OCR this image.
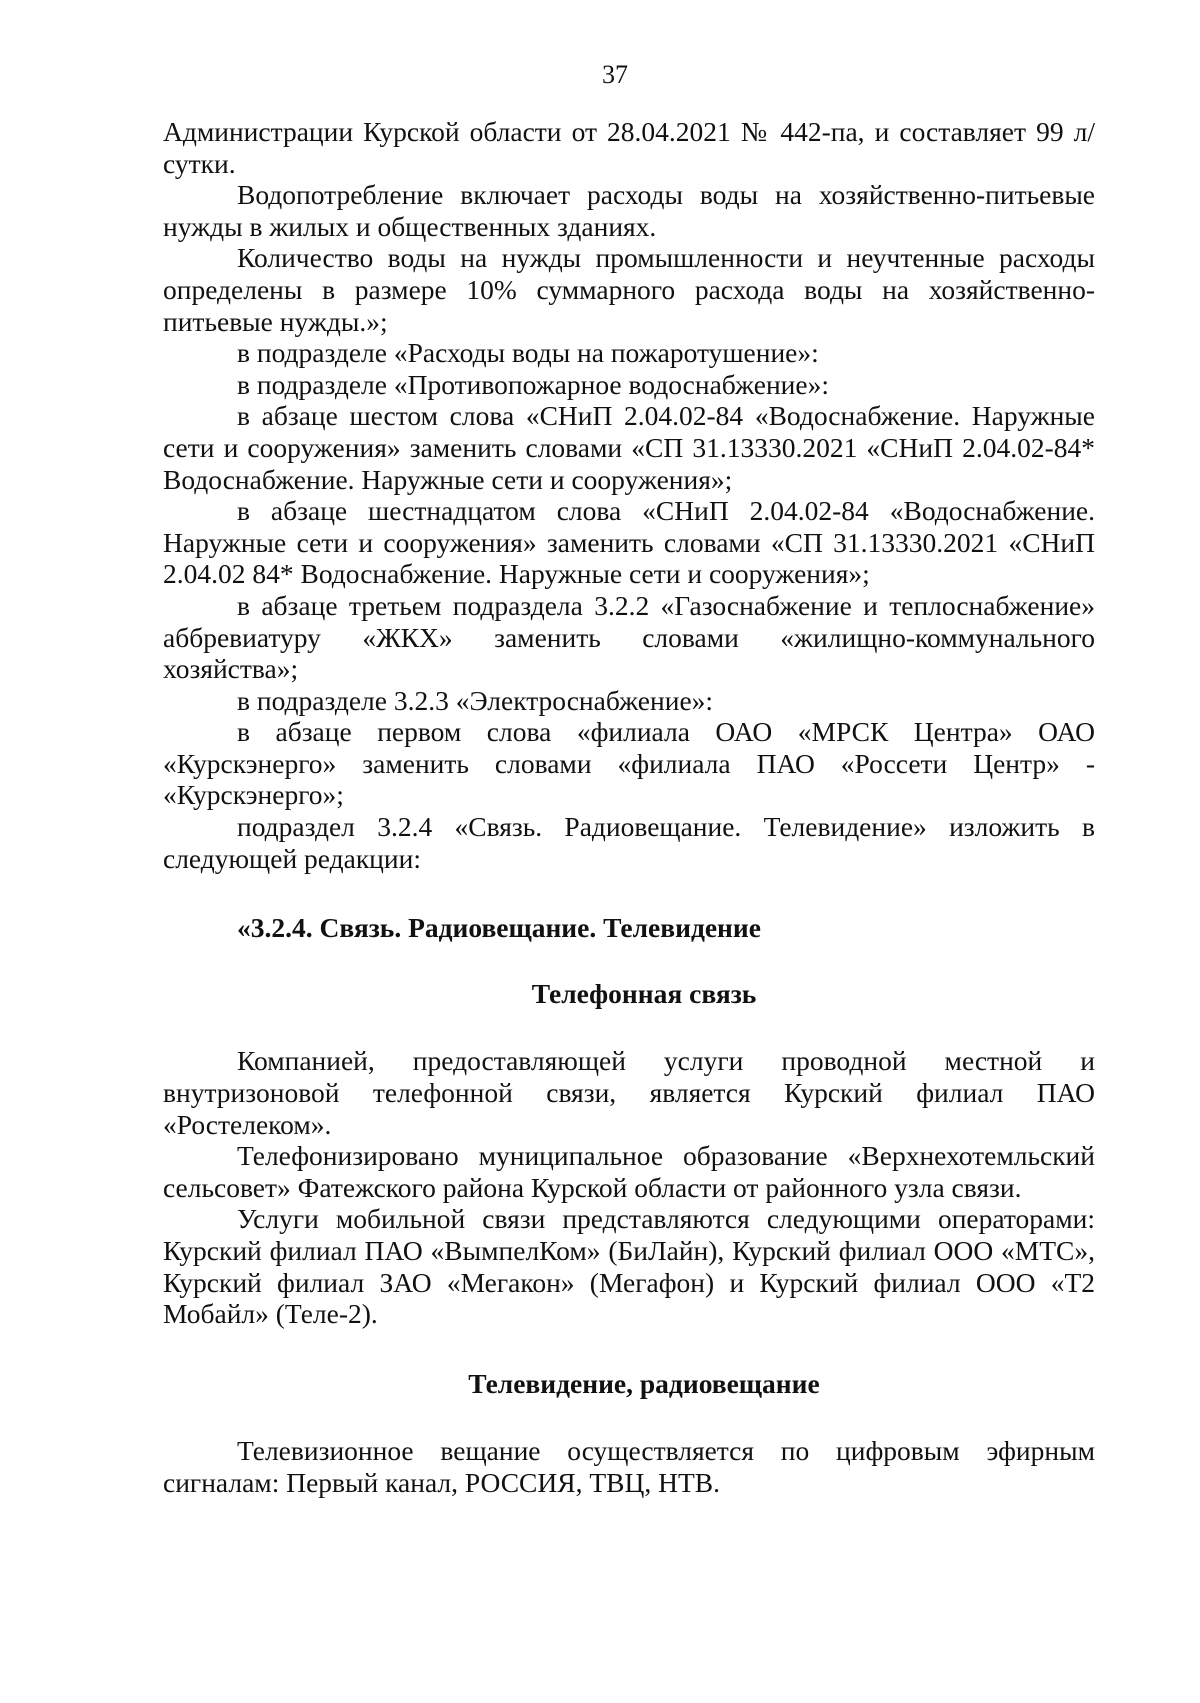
37

Администрации Курской области от 28.04.2021 № 442-па, и составляет 99 л/сутки.

Водопотребление включает расходы воды на хозяйственно-питьевые нужды в жилых и общественных зданиях.

Количество воды на нужды промышленности и неучтенные расходы определены в размере 10% суммарного расхода воды на хозяйственно-питьевые нужды.»;

в подразделе «Расходы воды на пожаротушение»:

в подразделе «Противопожарное водоснабжение»:

в абзаце шестом слова «СНиП 2.04.02-84 «Водоснабжение. Наружные сети и сооружения» заменить словами «СП 31.13330.2021 «СНиП 2.04.02-84* Водоснабжение. Наружные сети и сооружения»;

в абзаце шестнадцатом слова «СНиП 2.04.02-84 «Водоснабжение. Наружные сети и сооружения» заменить словами «СП 31.13330.2021 «СНиП 2.04.02 84* Водоснабжение. Наружные сети и сооружения»;

в абзаце третьем подраздела 3.2.2 «Газоснабжение и теплоснабжение» аббревиатуру «ЖКХ» заменить словами «жилищно-коммунального хозяйства»;

в подразделе 3.2.3 «Электроснабжение»:

в абзаце первом слова «филиала ОАО «МРСК Центра» ОАО «Курскэнерго» заменить словами «филиала ПАО «Россети Центр» - «Курскэнерго»;

подраздел 3.2.4 «Связь. Радиовещание. Телевидение» изложить в следующей редакции:

«3.2.4. Связь. Радиовещание. Телевидение

Телефонная связь

Компанией, предоставляющей услуги проводной местной и внутризоновой телефонной связи, является Курский филиал ПАО «Ростелеком».

Телефонизировано муниципальное образование «Верхнехотемльский сельсовет» Фатежского района Курской области от районного узла связи.

Услуги мобильной связи представляются следующими операторами: Курский филиал ПАО «ВымпелКом» (БиЛайн), Курский филиал ООО «МТС», Курский филиал ЗАО «Мегакон» (Мегафон) и Курский филиал ООО «Т2 Мобайл» (Теле-2).

Телевидение, радиовещание

Телевизионное вещание осуществляется по цифровым эфирным сигналам: Первый канал, РОССИЯ, ТВЦ, НТВ.
